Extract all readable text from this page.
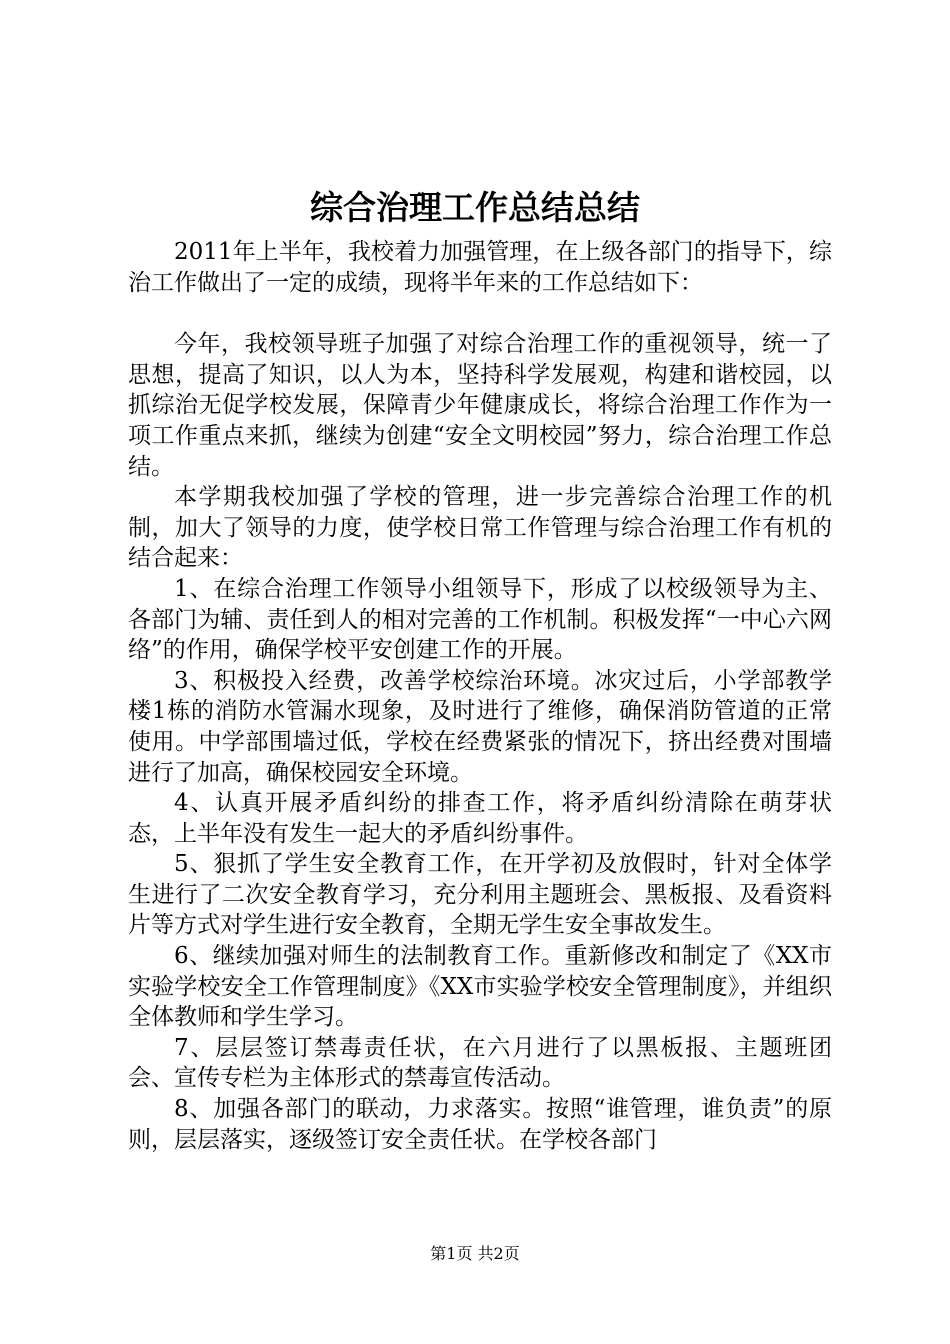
综合治理工作总结总结

2011年上半年，我校着力加强管理，在上级各部门的指导下，综治工作做出了一定的成绩，现将半年来的工作总结如下：

今年，我校领导班子加强了对综合治理工作的重视领导，统一了思想，提高了知识，以人为本，坚持科学发展观，构建和谐校园，以抓综治无促学校发展，保障青少年健康成长，将综合治理工作作为一项工作重点来抓，继续为创建“安全文明校园”努力，综合治理工作总结。

本学期我校加强了学校的管理，进一步完善综合治理工作的机制，加大了领导的力度，使学校日常工作管理与综合治理工作有机的结合起来：

1、在综合治理工作领导小组领导下，形成了以校级领导为主、各部门为辅、责任到人的相对完善的工作机制。积极发挥“一中心六网络”的作用，确保学校平安创建工作的开展。

3、积极投入经费，改善学校综治环境。冰灾过后，小学部教学楼1栋的消防水管漏水现象，及时进行了维修，确保消防管道的正常使用。中学部围墙过低，学校在经费紧张的情况下，挤出经费对围墙进行了加高，确保校园安全环境。

4、认真开展矛盾纠纷的排查工作，将矛盾纠纷清除在萌芽状态，上半年没有发生一起大的矛盾纠纷事件。

5、狠抓了学生安全教育工作，在开学初及放假时，针对全体学生进行了二次安全教育学习，充分利用主题班会、黑板报、及看资料片等方式对学生进行安全教育，全期无学生安全事故发生。

6、继续加强对师生的法制教育工作。重新修改和制定了《XX市实验学校安全工作管理制度》《XX市实验学校安全管理制度》，并组织全体教师和学生学习。

7、层层签订禁毒责任状，在六月进行了以黑板报、主题班团会、宣传专栏为主体形式的禁毒宣传活动。

8、加强各部门的联动，力求落实。按照“谁管理，谁负责”的原则，层层落实，逐级签订安全责任状。在学校各部门

第1页 共2页
